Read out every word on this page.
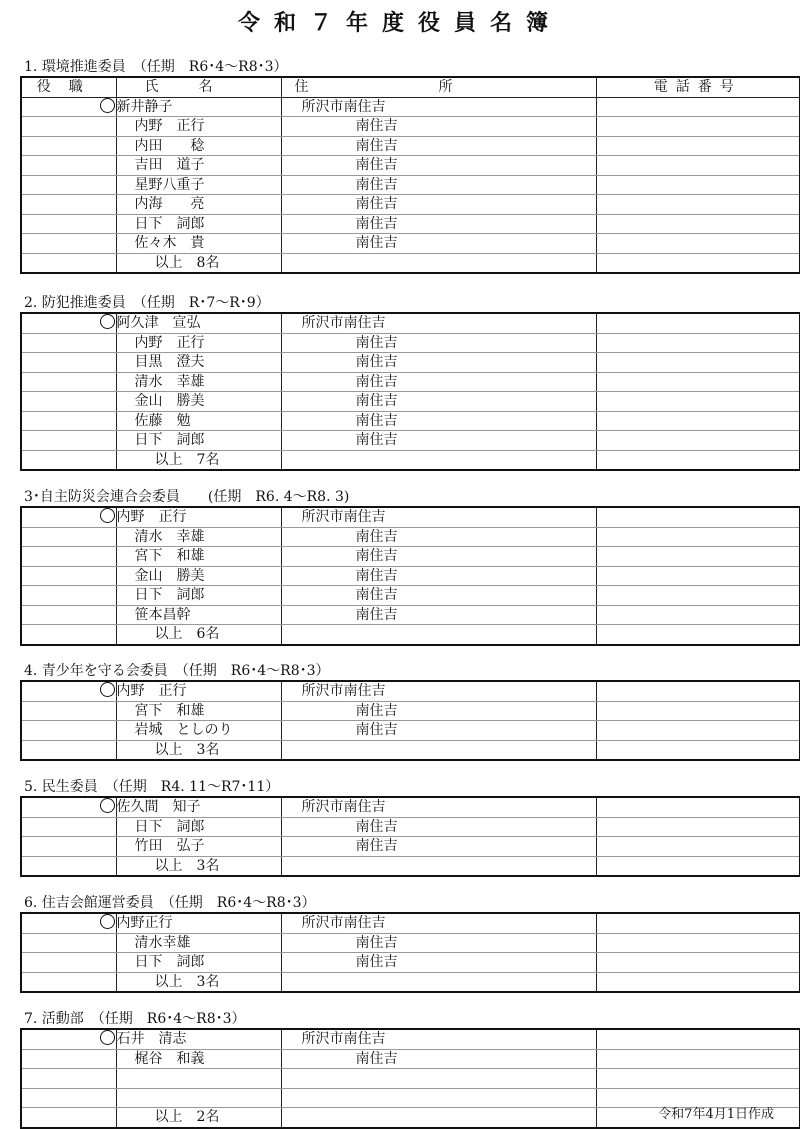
令和７年度役員名簿
1. 環境推進委員　（任期　R6･4～R8･3）
役職	氏名	住所	電話番号
	新井静子	所沢市南住吉	
	内野　正行	南住吉	
	内田　　稔	南住吉	
	吉田　道子	南住吉	
	星野八重子	南住吉	
	内海　　亮	南住吉	
	日下　詞郎	南住吉	
	佐々木　貴	南住吉	
	以上　8名		
2. 防犯推進委員　（任期　R･7～R･9）
	阿久津　宣弘	所沢市南住吉	
	内野　正行	南住吉	
	目黒　澄夫	南住吉	
	清水　幸雄	南住吉	
	金山　勝美	南住吉	
	佐藤　勉	南住吉	
	日下　詞郎	南住吉	
	以上　7名		
3･自主防災会連合会委員　　(任期　R6. 4～R8. 3)
	内野　正行	所沢市南住吉	
	清水　幸雄	南住吉	
	宮下　和雄	南住吉	
	金山　勝美	南住吉	
	日下　詞郎	南住吉	
	笹本昌幹	南住吉	
	以上　6名		
4. 青少年を守る会委員　（任期　R6･4～R8･3）
	内野　正行	所沢市南住吉	
	宮下　和雄	南住吉	
	岩城　としのり	南住吉	
	以上　3名		
5. 民生委員　（任期　R4. 11～R7･11）
	佐久間　知子	所沢市南住吉	
	日下　詞郎	南住吉	
	竹田　弘子	南住吉	
	以上　3名		
6. 住吉会館運営委員　（任期　R6･4～R8･3）
	内野正行	所沢市南住吉	
	清水幸雄	南住吉	
	日下　詞郎	南住吉	
	以上　3名		
7. 活動部　（任期　R6･4～R8･3）
	石井　清志	所沢市南住吉	
	梶谷　和義	南住吉	

	以上　2名			令和7年4月1日作成
